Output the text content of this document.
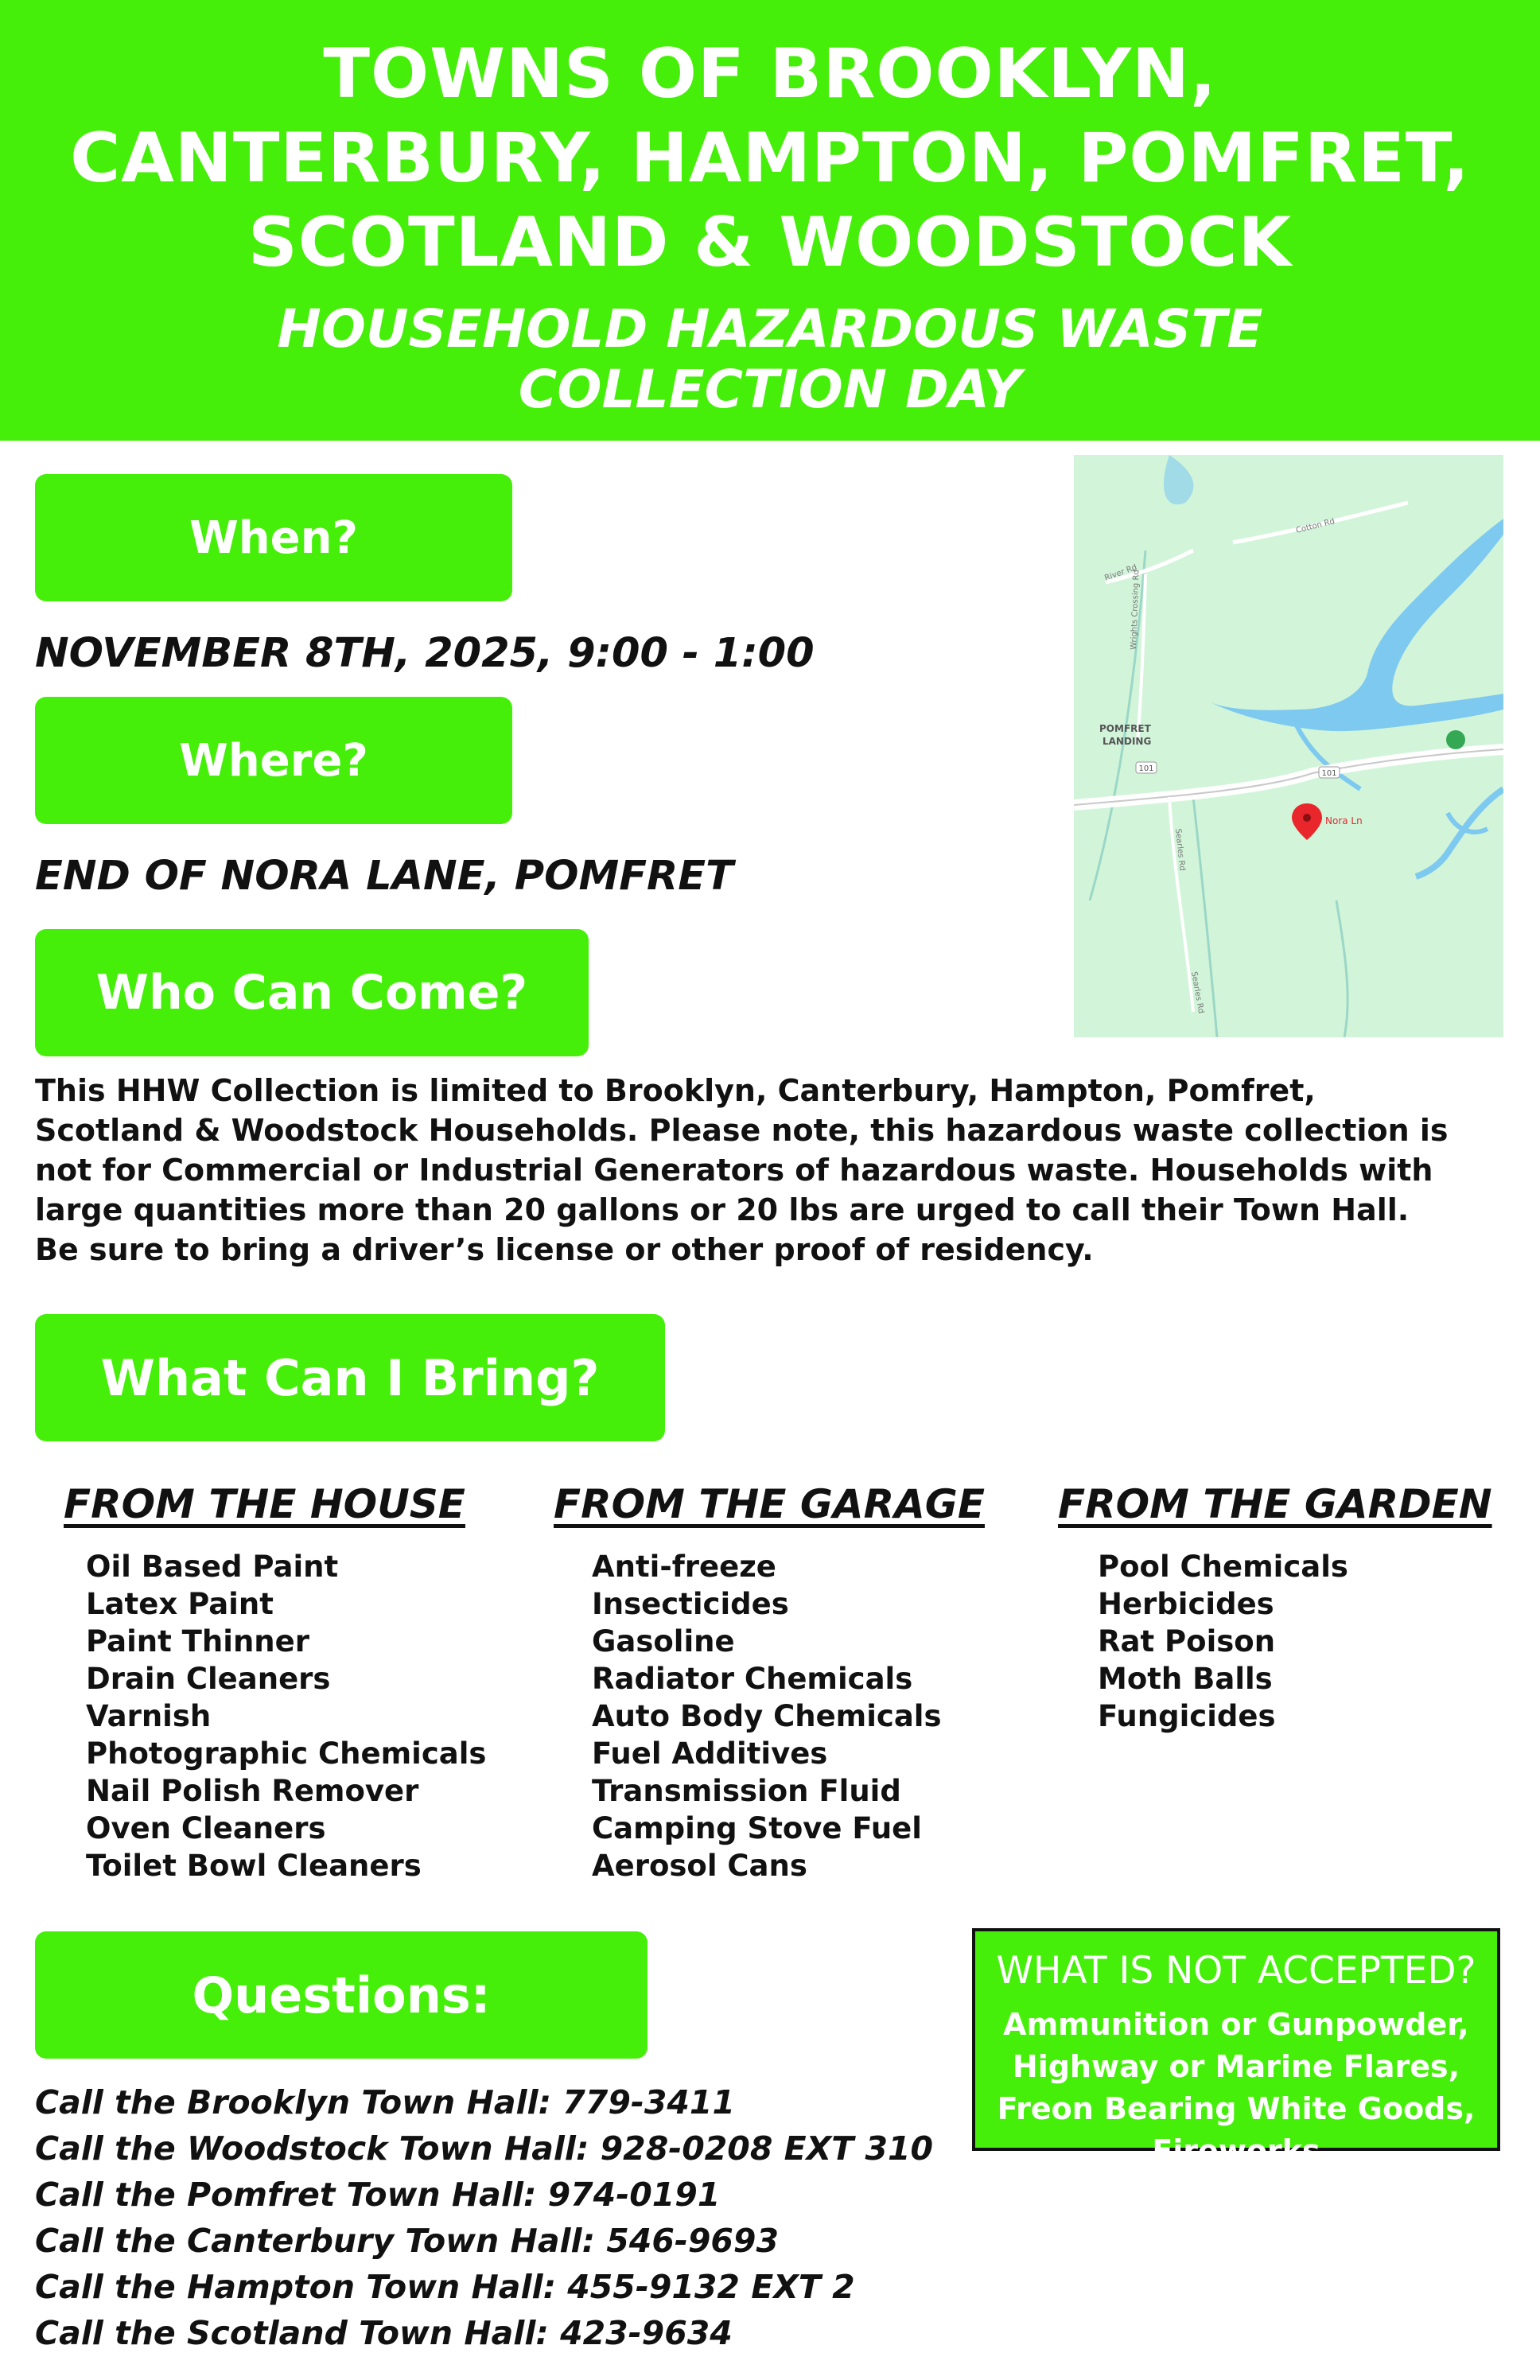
TOWNS OF BROOKLYN,
CANTERBURY, HAMPTON, POMFRET,
SCOTLAND & WOODSTOCK
HOUSEHOLD HAZARDOUS WASTE
COLLECTION DAY
When?
NOVEMBER 8TH, 2025, 9:00 - 1:00
Where?
END OF NORA LANE, POMFRET
101
101
POMFRET
LANDING
Nora Ln
River Rd
Cotton Rd
Wrights Crossing Rd
Searles Rd
Searles Rd
Who Can Come?
This HHW Collection is limited to Brooklyn, Canterbury, Hampton, Pomfret,
Scotland & Woodstock Households. Please note, this hazardous waste collection is
not for Commercial or Industrial Generators of hazardous waste. Households with
large quantities more than 20 gallons or 20 lbs are urged to call their Town Hall.
Be sure to bring a driver’s license or other proof of residency.
What Can I Bring?
FROM THE HOUSE FROM THE GARAGE FROM THE GARDEN
Oil Based Paint
Latex Paint
Paint Thinner
Drain Cleaners
Varnish
Photographic Chemicals
Nail Polish Remover
Oven Cleaners
Toilet Bowl Cleaners
Anti-freeze
Insecticides
Gasoline
Radiator Chemicals
Auto Body Chemicals
Fuel Additives
Transmission Fluid
Camping Stove Fuel
Aerosol Cans
Pool Chemicals
Herbicides
Rat Poison
Moth Balls
Fungicides
Questions:
Call the Brooklyn Town Hall: 779-3411
Call the Woodstock Town Hall: 928-0208 EXT 310
Call the Pomfret Town Hall: 974-0191
Call the Canterbury Town Hall: 546-9693
Call the Hampton Town Hall: 455-9132 EXT 2
Call the Scotland Town Hall: 423-9634
WHAT IS NOT ACCEPTED?
Ammunition or Gunpowder,
Highway or Marine Flares,
Freon Bearing White Goods,
Fireworks
